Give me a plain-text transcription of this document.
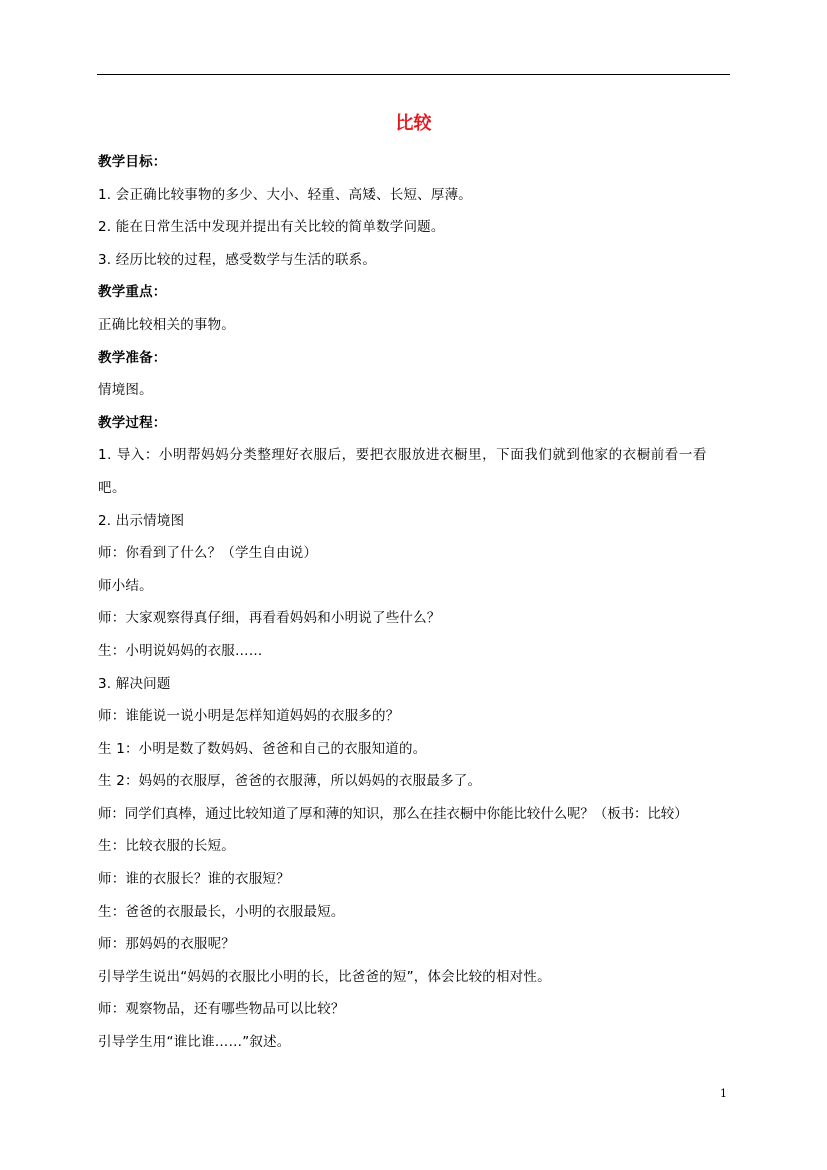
比较
教学目标：
1. 会正确比较事物的多少、大小、轻重、高矮、长短、厚薄。
2. 能在日常生活中发现并提出有关比较的简单数学问题。
3. 经历比较的过程，感受数学与生活的联系。
教学重点：
正确比较相关的事物。
教学准备：
情境图。
教学过程：
1. 导入：小明帮妈妈分类整理好衣服后，要把衣服放进衣橱里，下面我们就到他家的衣橱前看一看吧。
2. 出示情境图
师：你看到了什么？（学生自由说）
师小结。
师：大家观察得真仔细，再看看妈妈和小明说了些什么？
生：小明说妈妈的衣服……
3. 解决问题
师：谁能说一说小明是怎样知道妈妈的衣服多的？
生 1：小明是数了数妈妈、爸爸和自己的衣服知道的。
生 2：妈妈的衣服厚，爸爸的衣服薄，所以妈妈的衣服最多了。
师：同学们真棒，通过比较知道了厚和薄的知识，那么在挂衣橱中你能比较什么呢？（板书：比较）
生：比较衣服的长短。
师：谁的衣服长？谁的衣服短？
生：爸爸的衣服最长，小明的衣服最短。
师：那妈妈的衣服呢？
引导学生说出“妈妈的衣服比小明的长，比爸爸的短”，体会比较的相对性。
师：观察物品，还有哪些物品可以比较？
引导学生用“谁比谁……”叙述。
1
